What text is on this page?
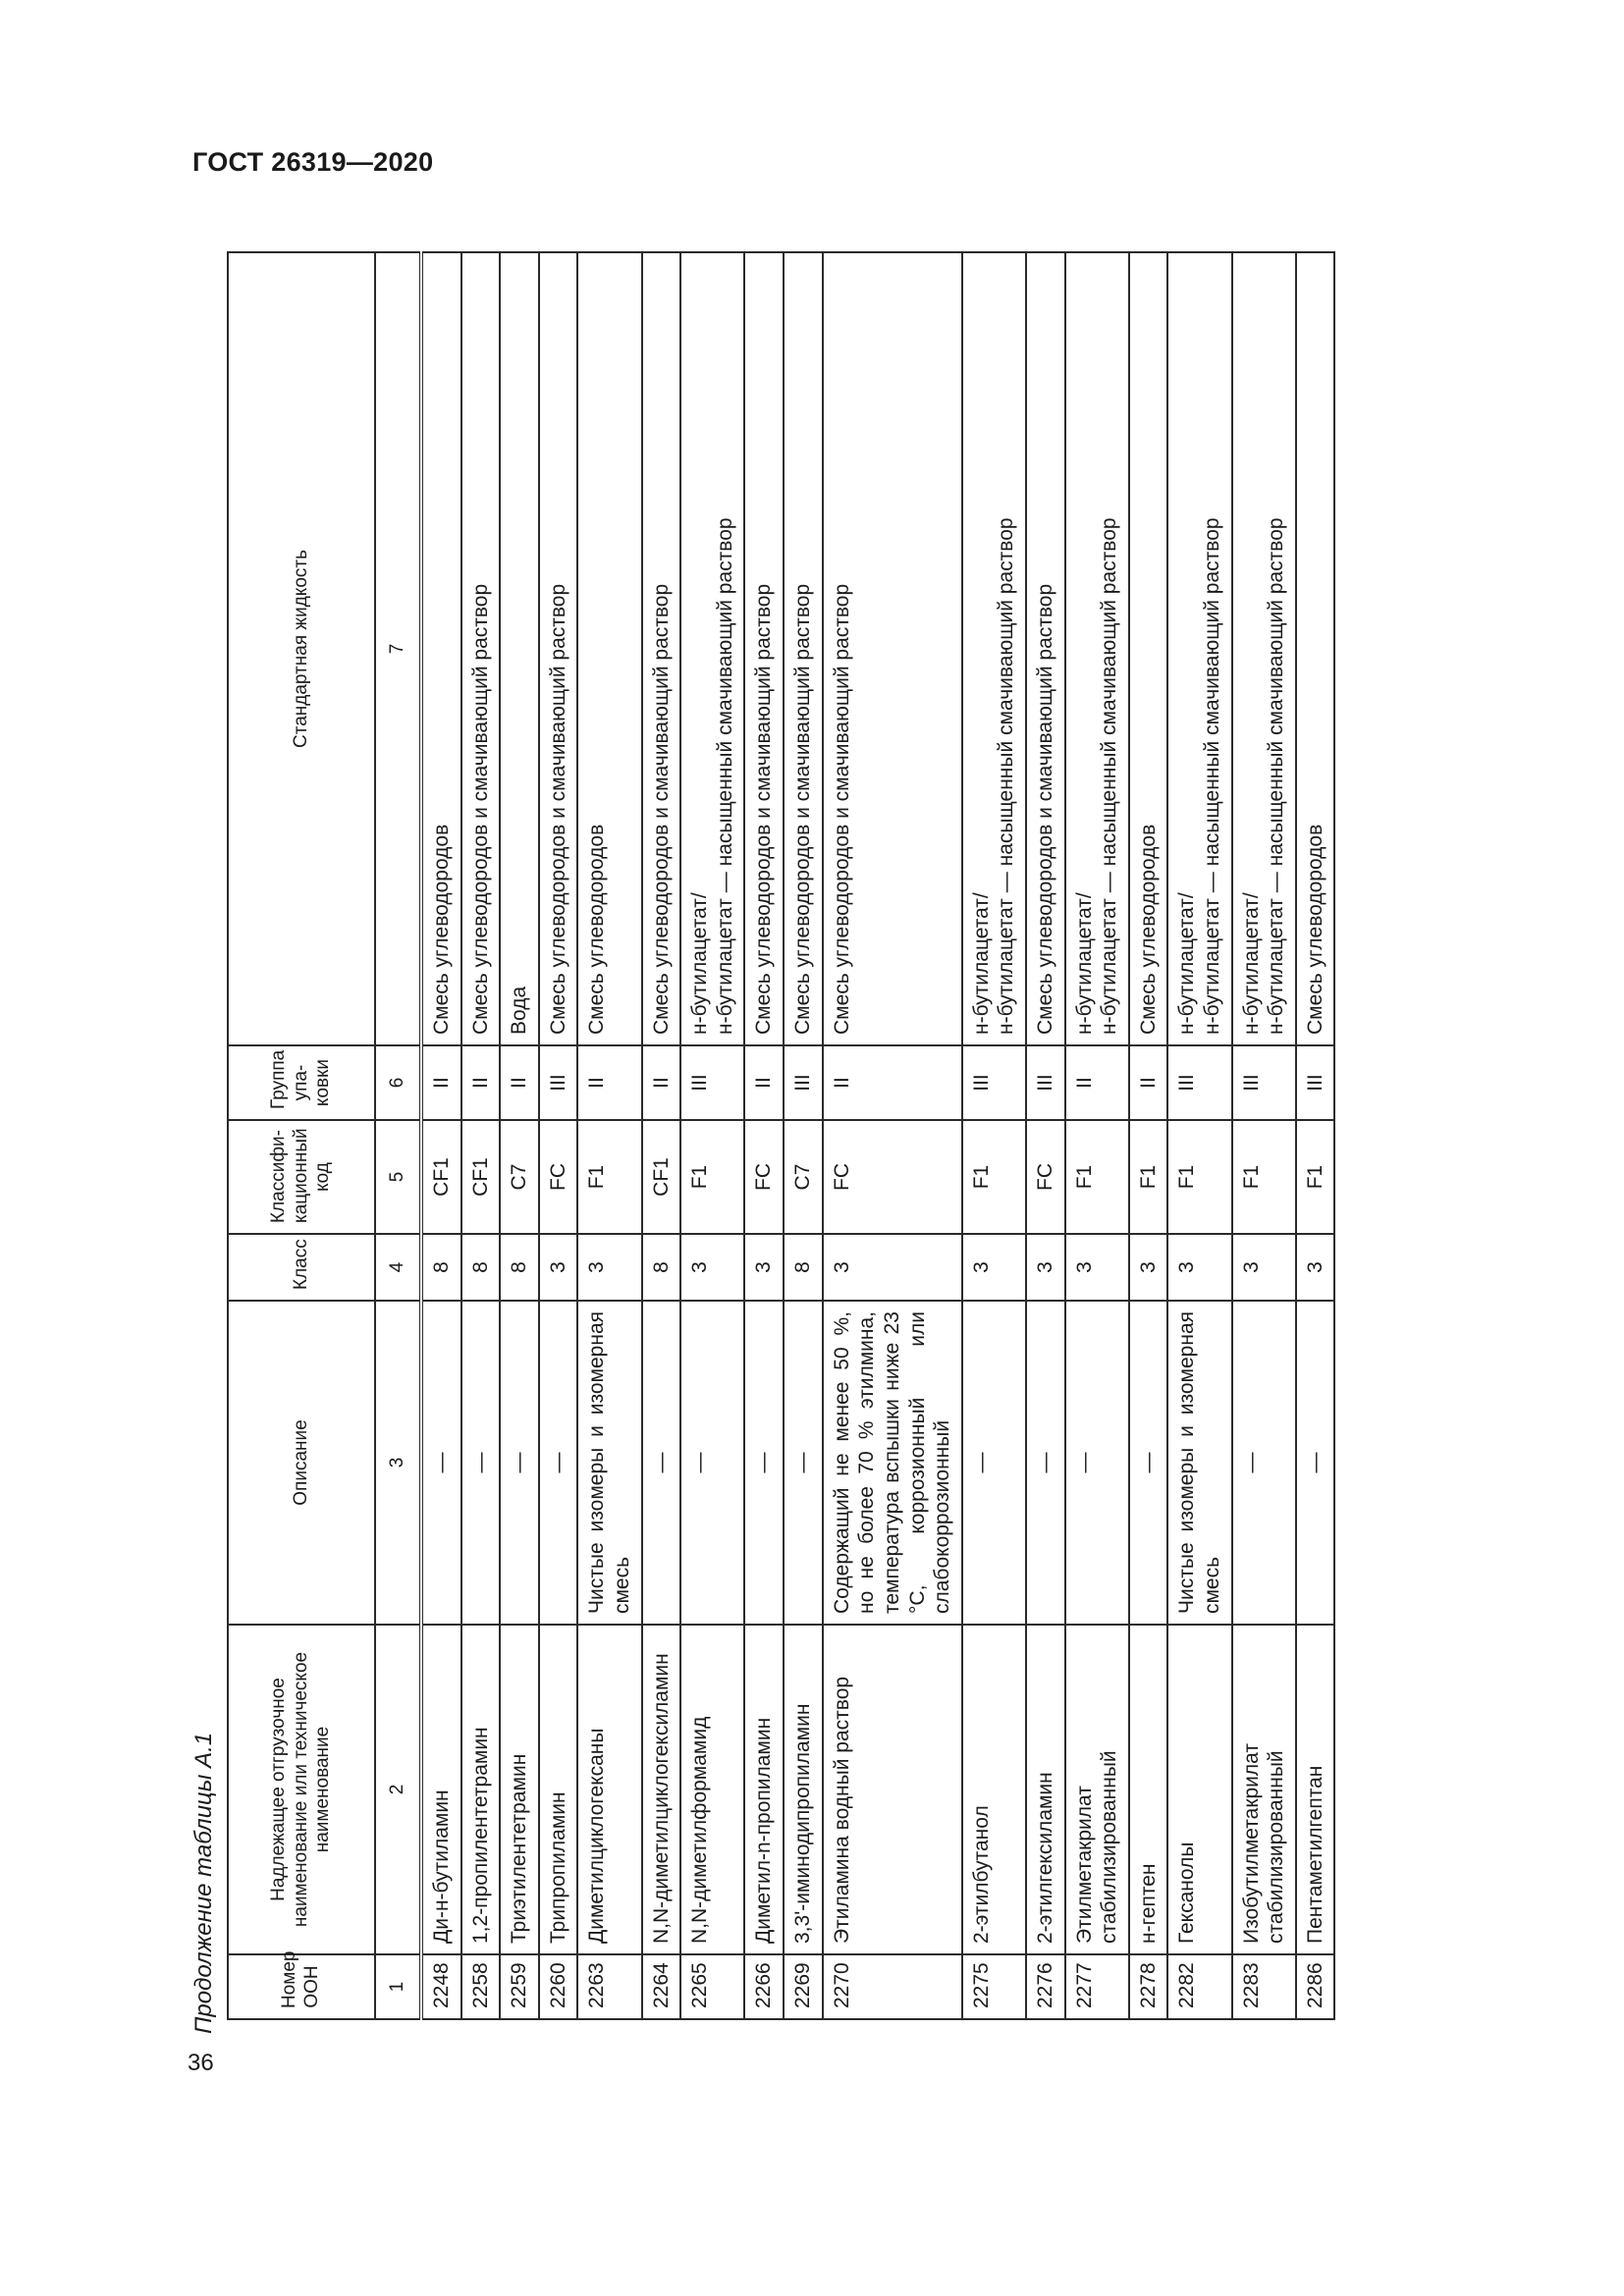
ГОСТ 26319—2020
36
Продолжение таблицы А.1	Номер ООН	Надлежащее отгрузочное наименование или техническое наименование	Описание	Класс	Классифи-кационный код	Группа упа-ковки	Стандартная жидкость
1	2	3	4	5	6	7
2248	Ди-н-бутиламин	—	8	CF1	II	Смесь углеводородов

2258	1,2-пропилентетрамин	—	8	CF1	II	Смесь углеводородов и смачивающий раствор

2259	Триэтилентетрамин	—	8	C7	II	Вода

2260	Трипропиламин	—	3	FC	III	Смесь углеводородов и смачивающий раствор

2263	Диметилциклогексаны	Чистые изомеры и изомерная смесь	3	F1	II	Смесь углеводородов

2264	N,N-диметилциклогексиламин	—	8	CF1	II	Смесь углеводородов и смачивающий раствор

2265	N,N-диметилформамид	—	3	F1	III	н-бутилацетат/ н-бутилацетат — насыщенный смачивающий раствор

2266	Диметил-n-пропиламин	—	3	FC	II	Смесь углеводородов и смачивающий раствор

2269	3,3'-иминодипропиламин	—	8	C7	III	Смесь углеводородов и смачивающий раствор

2270	Этиламина водный раствор	Содержащий не менее 50 %, но не более 70 % этилмина, температура вспышки ниже 23 °С, коррозионный или слабокоррозионный	3	FC	II	Смесь углеводородов и смачивающий раствор

2275	2-этилбутанол	—	3	F1	III	н-бутилацетат/ н-бутилацетат — насыщенный смачивающий раствор

2276	2-этилгексиламин	—	3	FC	III	Смесь углеводородов и смачивающий раствор

2277	Этилметакрилат стабилизированный	—	3	F1	II	н-бутилацетат/ н-бутилацетат — насыщенный смачивающий раствор

2278	н-гептен	—	3	F1	II	Смесь углеводородов

2282	Гексанолы	Чистые изомеры и изомерная смесь	3	F1	III	н-бутилацетат/ н-бутилацетат — насыщенный смачивающий раствор

2283	Изобутилметакрилат стабилизированный	—	3	F1	III	н-бутилацетат/ н-бутилацетат — насыщенный смачивающий раствор

2286	Пентаметилгептан	—	3	F1	III	Смесь углеводородов
